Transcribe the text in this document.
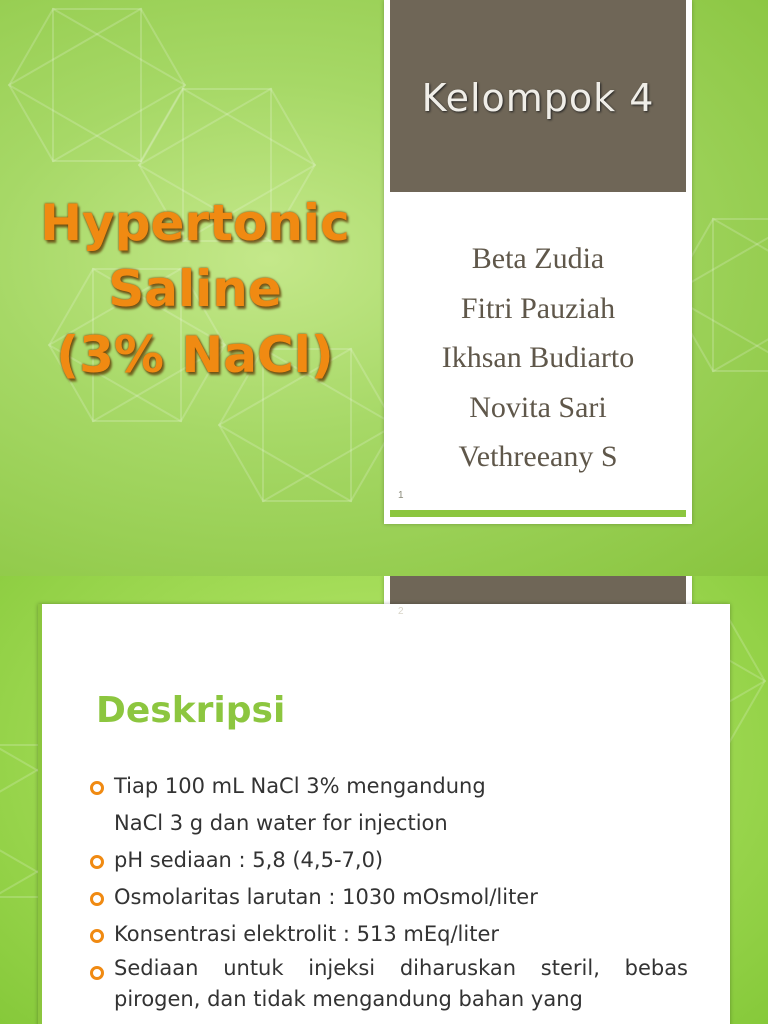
Hypertonic
Saline
(3% NaCl)
Kelompok 4
Beta Zudia
Fitri Pauziah
Ikhsan Budiarto
Novita Sari
Vethreeany S
1
Deskripsi
Tiap 100 mL NaCl 3% mengandung
NaCl 3 g dan water for injection
pH sediaan : 5,8 (4,5-7,0)
Osmolaritas larutan : 1030 mOsmol/liter
Konsentrasi elektrolit : 513 mEq/liter
Sediaan untuk injeksi diharuskan steril, bebas pirogen, dan tidak mengandung bahan yang
2
